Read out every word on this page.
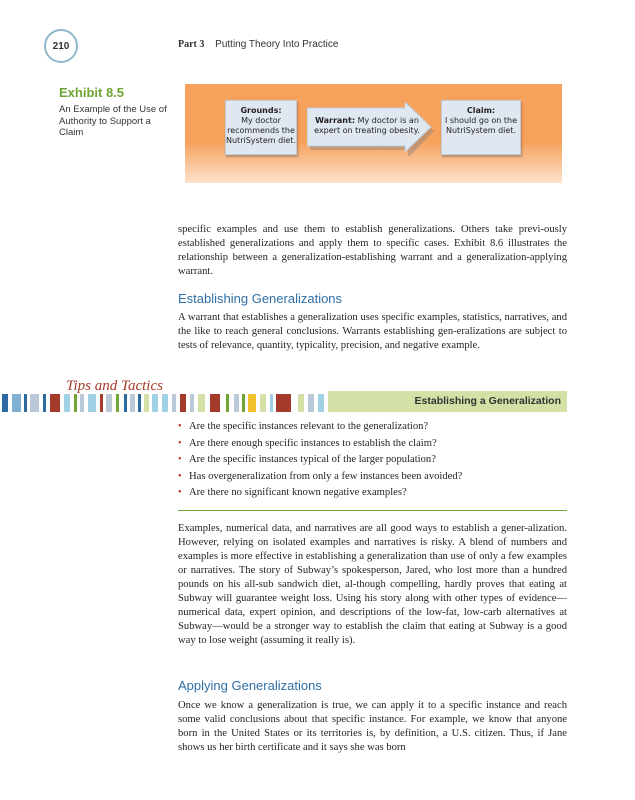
210	Part 3 Putting Theory Into Practice
Exhibit 8.5
An Example of the Use of Authority to Support a Claim
Grounds:
My doctor recommends the NutriSystem diet.
Warrant: My doctor is an expert on treating obesity.
Claim:
I should go on the NutriSystem diet.

specific examples and use them to establish generalizations. Others take previ-ously established generalizations and apply them to specific cases. Exhibit 8.6 illustrates the relationship between a generalization-establishing warrant and a generalization-applying warrant.

Establishing Generalizations

A warrant that establishes a generalization uses specific examples, statistics, narratives, and the like to reach general conclusions. Warrants establishing gen-eralizations are subject to tests of relevance, quantity, typicality, precision, and negative example.

Tips and Tactics
Establishing a Generalization
• Are the specific instances relevant to the generalization?
• Are there enough specific instances to establish the claim?
• Are the specific instances typical of the larger population?
• Has overgeneralization from only a few instances been avoided?
• Are there no significant known negative examples?

Examples, numerical data, and narratives are all good ways to establish a gener-alization. However, relying on isolated examples and narratives is risky. A blend of numbers and examples is more effective in establishing a generalization than use of only a few examples or narratives. The story of Subway’s spokesperson, Jared, who lost more than a hundred pounds on his all-sub sandwich diet, al-though compelling, hardly proves that eating at Subway will guarantee weight loss. Using his story along with other types of evidence—numerical data, expert opinion, and descriptions of the low-fat, low-carb alternatives at Subway—would be a stronger way to establish the claim that eating at Subway is a good way to lose weight (assuming it really is).

Applying Generalizations

Once we know a generalization is true, we can apply it to a specific instance and reach some valid conclusions about that specific instance. For example, we know that anyone born in the United States or its territories is, by definition, a U.S. citizen. Thus, if Jane shows us her birth certificate and it says she was born
